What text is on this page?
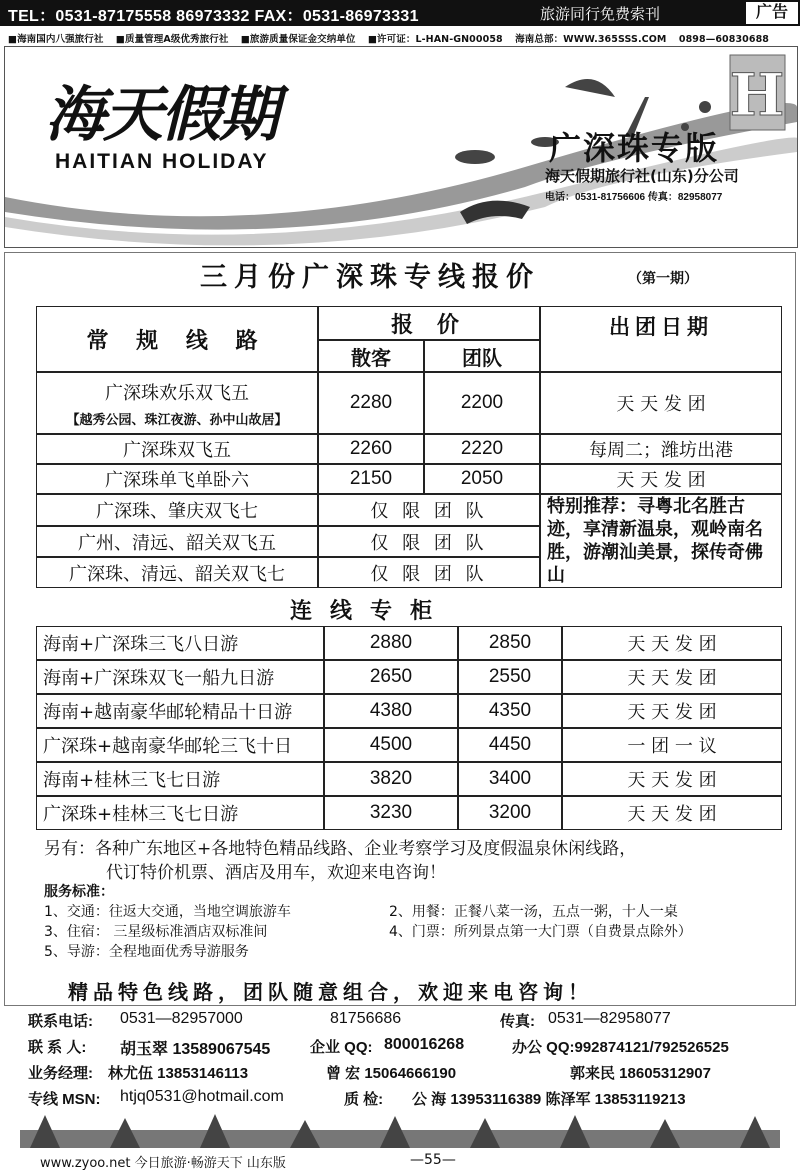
TEL：0531-87175558 86973332 FAX：0531-86973331	旅游同行免费索刊	广告
■海南国内八强旅行社 ■质量管理A级优秀旅行社 ■旅游质量保证金交纳单位 ■许可证：L-HAN-GN00058 海南总部：WWW.365SSS.COM 0898—60830688
H
海天假期
HAITIAN HOLIDAY	广深珠专版
海天假期旅行社(山东)分公司
电话：0531-81756606 传真：82958077
三月份广深珠专线报价	（第一期）
常 规 线 路
报 价
散客	团队
出团日期
广深珠欢乐双飞五
【越秀公园、珠江夜游、孙中山故居】
2280	2200	天 天 发 团
广深珠双飞五	2260	2220	每周二；潍坊出港
广深珠单飞单卧六	2150	2050	天 天 发 团
广深珠、肇庆双飞七	仅 限 团 队
广州、清远、韶关双飞五	仅 限 团 队
广深珠、清远、韶关双飞七	仅 限 团 队
特别推荐：寻粤北名胜古迹，享清新温泉，观岭南名胜，游潮汕美景，探传奇佛山
连线专柜
海南+广深珠三飞八日游	2880	2850	天 天 发 团
海南+广深珠双飞一船九日游	2650	2550	天 天 发 团
海南+越南豪华邮轮精品十日游	4380	4350	天 天 发 团
广深珠+越南豪华邮轮三飞十日	4500	4450	一 团 一 议
海南+桂林三飞七日游	3820	3400	天 天 发 团
广深珠+桂林三飞七日游	3230	3200	天 天 发 团
另有：各种广东地区+各地特色精品线路、企业考察学习及度假温泉休闲线路，
代订特价机票、酒店及用车，欢迎来电咨询！
服务标准：
1、交通：往返大交通，当地空调旅游车	2、用餐：正餐八菜一汤，五点一粥，十人一桌
3、住宿： 三星级标准酒店双标准间	4、门票：所列景点第一大门票（自费景点除外）
5、导游：全程地面优秀导游服务
精品特色线路，团队随意组合，欢迎来电咨询！
联系电话: 0531—82957000	81756686	传真: 0531—82958077
联 系 人: 胡玉翠 13589067545	企业 QQ: 800016268	办公 QQ:992874121/792526525
业务经理: 林尤伍 13853146113	曾 宏 15064666190	郭来民 18605312907
专线 MSN: htjq0531@hotmail.com	质 检: 公 海 13953116389 陈泽军 13853119213
www.zyoo.net 今日旅游·畅游天下 山东版	—55—
